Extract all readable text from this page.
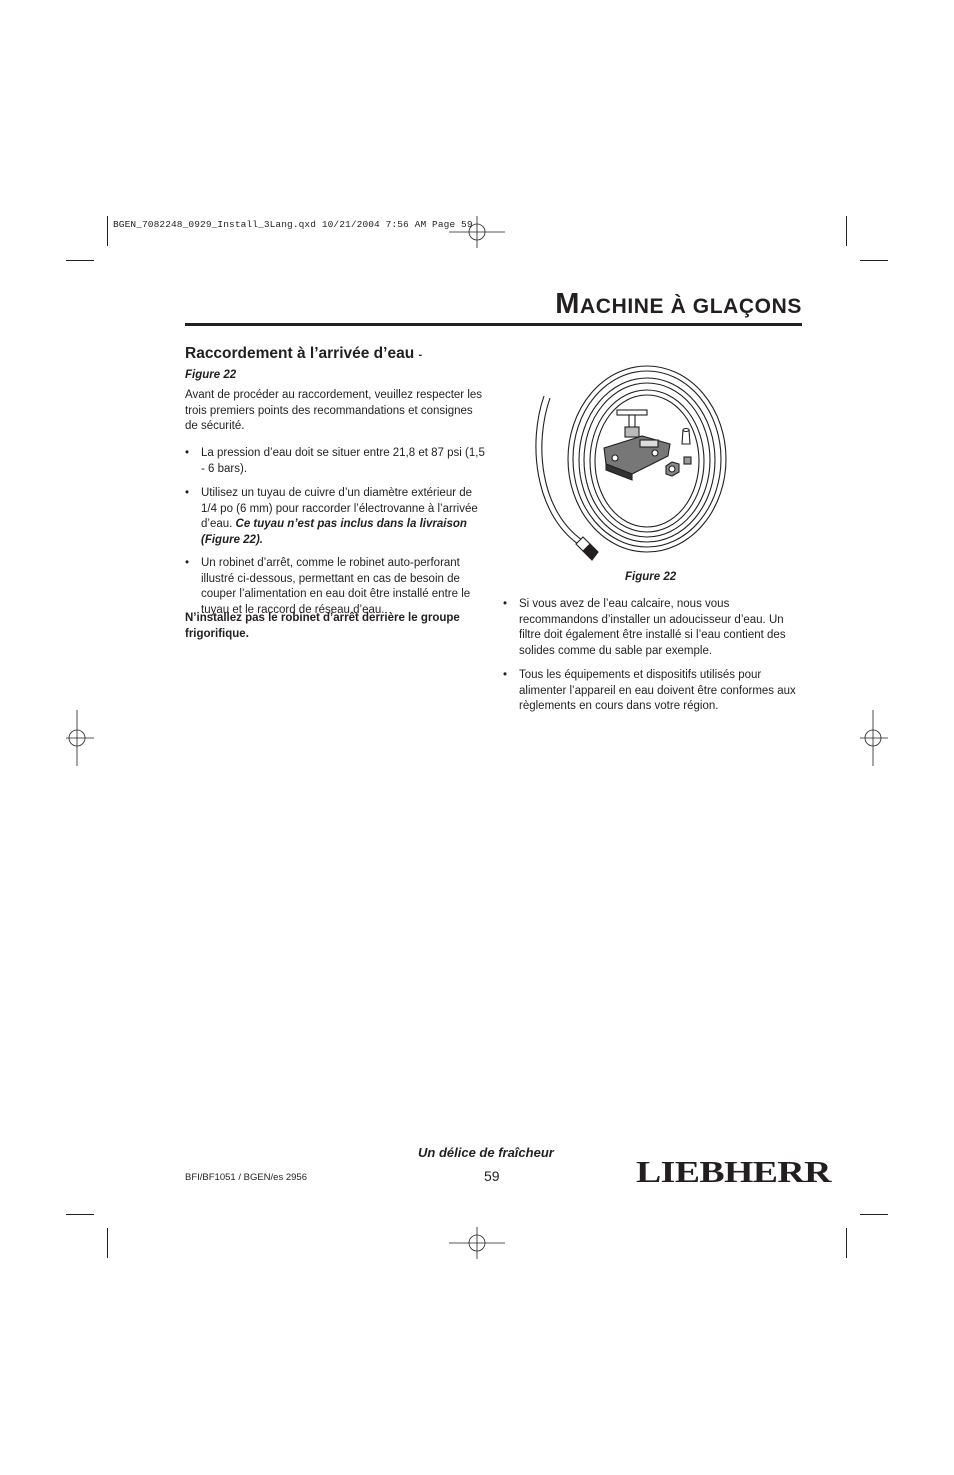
BGEN_7082248_0929_Install_3Lang.qxd 10/21/2004 7:56 AM Page 59
MACHINE À GLAÇONS
Raccordement à l’arrivée d’eau -
Figure 22
Avant de procéder au raccordement, veuillez respecter les trois premiers points des recommandations et consignes de sécurité.
• La pression d’eau doit se situer entre 21,8 et 87 psi (1,5 - 6 bars).
• Utilisez un tuyau de cuivre d’un diamètre extérieur de 1/4 po (6 mm) pour raccorder l’électrovanne à l’arrivée d’eau. Ce tuyau n’est pas inclus dans la livraison (Figure 22).
• Un robinet d’arrêt, comme le robinet auto-perforant illustré ci-dessous, permettant en cas de besoin de couper l’alimentation en eau doit être installé entre le tuyau et le raccord de réseau d’eau.
N’installez pas le robinet d’arrêt derrière le groupe frigorifique.
Figure 22
• Si vous avez de l’eau calcaire, nous vous recommandons d’installer un adoucisseur d’eau. Un filtre doit également être installé si l’eau contient des solides comme du sable par exemple.
• Tous les équipements et dispositifs utilisés pour alimenter l’appareil en eau doivent être conformes aux règlements en cours dans votre région.
Un délice de fraîcheur
BFI/BF1051 / BGEN/es 2956	59	LIEBHERR
